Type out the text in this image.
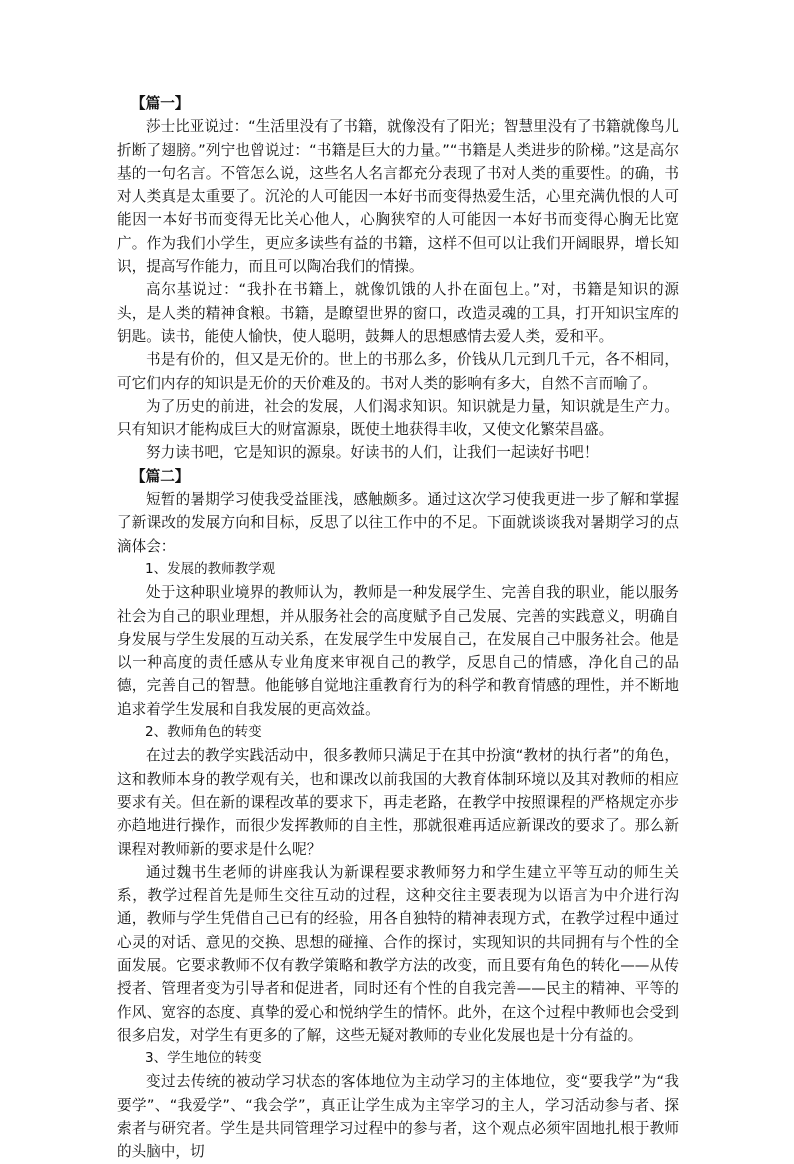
【篇一】

莎士比亚说过：“生活里没有了书籍，就像没有了阳光；智慧里没有了书籍就像鸟儿折断了翅膀。”列宁也曾说过：“书籍是巨大的力量。”“书籍是人类进步的阶梯。”这是高尔基的一句名言。不管怎么说，这些名人名言都充分表现了书对人类的重要性。的确，书对人类真是太重要了。沉沦的人可能因一本好书而变得热爱生活，心里充满仇恨的人可能因一本好书而变得无比关心他人，心胸狭窄的人可能因一本好书而变得心胸无比宽广。作为我们小学生，更应多读些有益的书籍，这样不但可以让我们开阔眼界，增长知识，提高写作能力，而且可以陶冶我们的情操。

高尔基说过：“我扑在书籍上，就像饥饿的人扑在面包上。”对，书籍是知识的源头，是人类的精神食粮。书籍，是瞭望世界的窗口，改造灵魂的工具，打开知识宝库的钥匙。读书，能使人愉快，使人聪明，鼓舞人的思想感情去爱人类，爱和平。

书是有价的，但又是无价的。世上的书那么多，价钱从几元到几千元，各不相同，可它们内存的知识是无价的天价难及的。书对人类的影响有多大，自然不言而喻了。

为了历史的前进，社会的发展，人们渴求知识。知识就是力量，知识就是生产力。只有知识才能构成巨大的财富源泉，既使土地获得丰收，又使文化繁荣昌盛。

努力读书吧，它是知识的源泉。好读书的人们，让我们一起读好书吧！

【篇二】

短暂的暑期学习使我受益匪浅，感触颇多。通过这次学习使我更进一步了解和掌握了新课改的发展方向和目标，反思了以往工作中的不足。下面就谈谈我对暑期学习的点滴体会：

1、发展的教师教学观

处于这种职业境界的教师认为，教师是一种发展学生、完善自我的职业，能以服务社会为自己的职业理想，并从服务社会的高度赋予自己发展、完善的实践意义，明确自身发展与学生发展的互动关系，在发展学生中发展自己，在发展自己中服务社会。他是以一种高度的责任感从专业角度来审视自己的教学，反思自己的情感，净化自己的品德，完善自己的智慧。他能够自觉地注重教育行为的科学和教育情感的理性，并不断地追求着学生发展和自我发展的更高效益。

2、教师角色的转变

在过去的教学实践活动中，很多教师只满足于在其中扮演“教材的执行者”的角色，这和教师本身的教学观有关，也和课改以前我国的大教育体制环境以及其对教师的相应要求有关。但在新的课程改革的要求下，再走老路，在教学中按照课程的严格规定亦步亦趋地进行操作，而很少发挥教师的自主性，那就很难再适应新课改的要求了。那么新课程对教师新的要求是什么呢？

通过魏书生老师的讲座我认为新课程要求教师努力和学生建立平等互动的师生关系，教学过程首先是师生交往互动的过程，这种交往主要表现为以语言为中介进行沟通，教师与学生凭借自己已有的经验，用各自独特的精神表现方式，在教学过程中通过心灵的对话、意见的交换、思想的碰撞、合作的探讨，实现知识的共同拥有与个性的全面发展。它要求教师不仅有教学策略和教学方法的改变，而且要有角色的转化——从传授者、管理者变为引导者和促进者，同时还有个性的自我完善——民主的精神、平等的作风、宽容的态度、真挚的爱心和悦纳学生的情怀。此外，在这个过程中教师也会受到很多启发，对学生有更多的了解，这些无疑对教师的专业化发展也是十分有益的。

3、学生地位的转变

变过去传统的被动学习状态的客体地位为主动学习的主体地位，变“要我学”为“我要学”、“我爱学”、“我会学”，真正让学生成为主宰学习的主人，学习活动参与者、探索者与研究者。学生是共同管理学习过程中的参与者，这个观点必须牢固地扎根于教师的头脑中，切
